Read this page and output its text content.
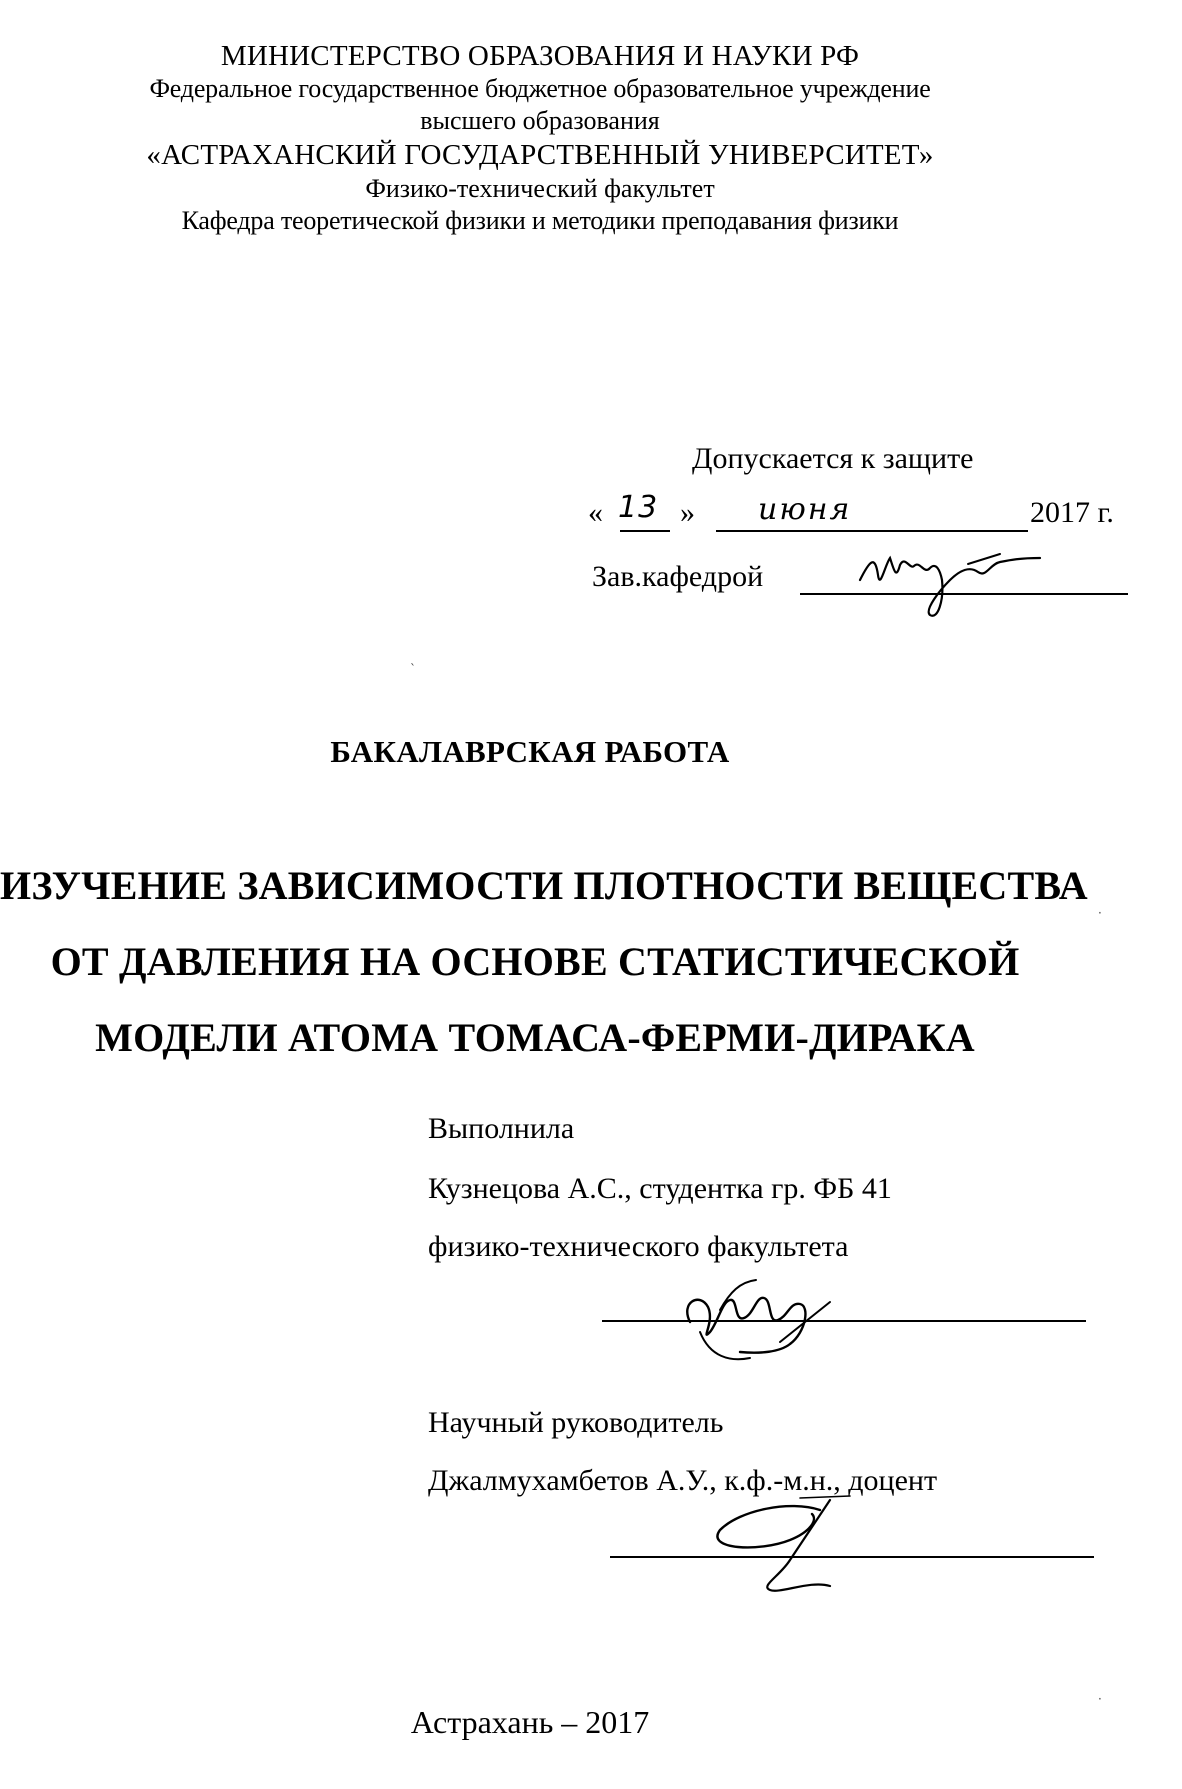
МИНИСТЕРСТВО ОБРАЗОВАНИЯ И НАУКИ РФ
Федеральное государственное бюджетное образовательное учреждение
высшего образования
«АСТРАХАНСКИЙ ГОСУДАРСТВЕННЫЙ УНИВЕРСИТЕТ»
Физико-технический факультет
Кафедра теоретической физики и методики преподавания физики
Допускается к защите
« 13 » июня	2017 г.
Зав.кафедрой
`
·
·
БАКАЛАВРСКАЯ РАБОТА
ИЗУЧЕНИЕ ЗАВИСИМОСТИ ПЛОТНОСТИ ВЕЩЕСТВА
ОТ ДАВЛЕНИЯ НА ОСНОВЕ СТАТИСТИЧЕСКОЙ
МОДЕЛИ АТОМА ТОМАСА-ФЕРМИ-ДИРАКА
Выполнила
Кузнецова А.С., студентка гр. ФБ 41
физико-технического факультета
Научный руководитель
Джалмухамбетов А.У., к.ф.-м.н., доцент
Астрахань – 2017
